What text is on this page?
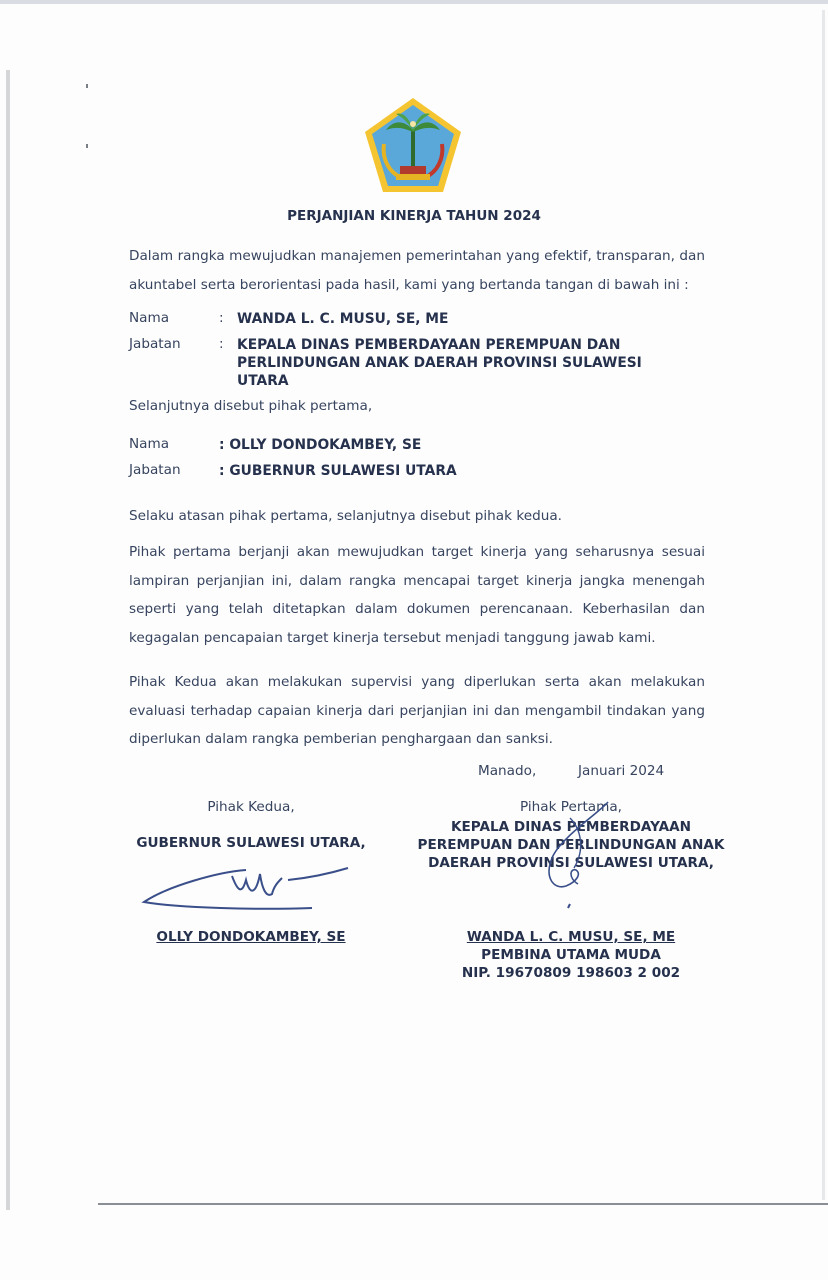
PERJANJIAN KINERJA TAHUN 2024
Dalam rangka mewujudkan manajemen pemerintahan yang efektif, transparan, dan akuntabel serta berorientasi pada hasil, kami yang bertanda tangan di bawah ini :
Nama	: WANDA L. C. MUSU, SE, ME
Jabatan	: KEPALA DINAS PEMBERDAYAAN PEREMPUAN DAN
PERLINDUNGAN ANAK DAERAH PROVINSI SULAWESI
UTARA
Selanjutnya disebut pihak pertama,
Nama	: OLLY DONDOKAMBEY, SE
Jabatan	: GUBERNUR SULAWESI UTARA
Selaku atasan pihak pertama, selanjutnya disebut pihak kedua.
Pihak pertama berjanji akan mewujudkan target kinerja yang seharusnya sesuai lampiran perjanjian ini, dalam rangka mencapai target kinerja jangka menengah seperti yang telah ditetapkan dalam dokumen perencanaan. Keberhasilan dan kegagalan pencapaian target kinerja tersebut menjadi tanggung jawab kami.
Pihak Kedua akan melakukan supervisi yang diperlukan serta akan melakukan evaluasi terhadap capaian kinerja dari perjanjian ini dan mengambil tindakan yang diperlukan dalam rangka pemberian penghargaan dan sanksi.
Manado,	Januari 2024
Pihak Kedua,
GUBERNUR SULAWESI UTARA,
OLLY DONDOKAMBEY, SE
Pihak Pertama,
KEPALA DINAS PEMBERDAYAAN
PEREMPUAN DAN PERLINDUNGAN ANAK
DAERAH PROVINSI SULAWESI UTARA,
WANDA L. C. MUSU, SE, ME
PEMBINA UTAMA MUDA
NIP. 19670809 198603 2 002
